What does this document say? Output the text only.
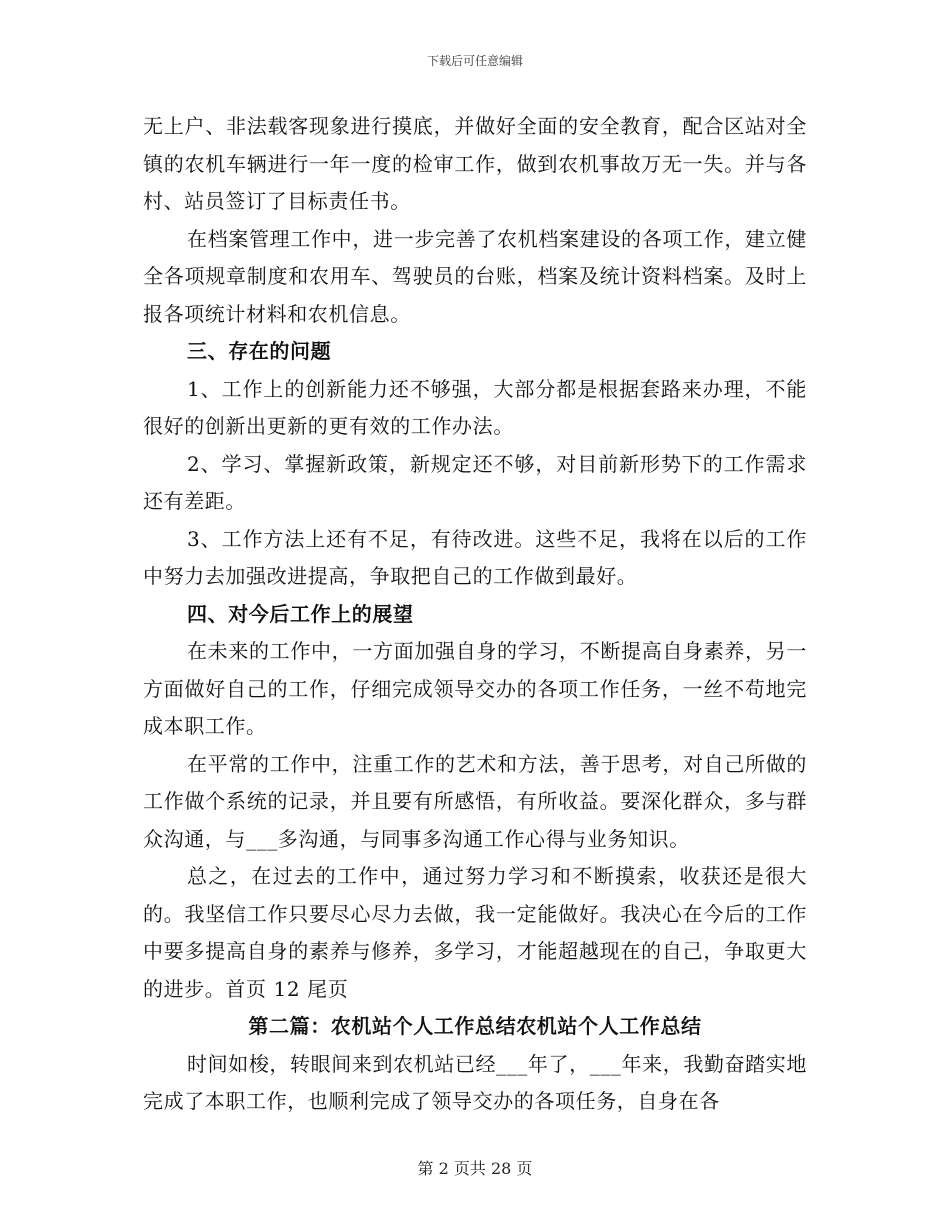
下载后可任意编辑

无上户、非法载客现象进行摸底，并做好全面的安全教育，配合区站对全镇的农机车辆进行一年一度的检审工作，做到农机事故万无一失。并与各村、站员签订了目标责任书。

在档案管理工作中，进一步完善了农机档案建设的各项工作，建立健全各项规章制度和农用车、驾驶员的台账，档案及统计资料档案。及时上报各项统计材料和农机信息。

三、存在的问题

1、工作上的创新能力还不够强，大部分都是根据套路来办理，不能很好的创新出更新的更有效的工作办法。

2、学习、掌握新政策，新规定还不够，对目前新形势下的工作需求还有差距。

3、工作方法上还有不足，有待改进。这些不足，我将在以后的工作中努力去加强改进提高，争取把自己的工作做到最好。

四、对今后工作上的展望

在未来的工作中，一方面加强自身的学习，不断提高自身素养，另一方面做好自己的工作，仔细完成领导交办的各项工作任务，一丝不苟地完成本职工作。

在平常的工作中，注重工作的艺术和方法，善于思考，对自己所做的工作做个系统的记录，并且要有所感悟，有所收益。要深化群众，多与群众沟通，与___多沟通，与同事多沟通工作心得与业务知识。

总之，在过去的工作中，通过努力学习和不断摸索，收获还是很大的。我坚信工作只要尽心尽力去做，我一定能做好。我决心在今后的工作中要多提高自身的素养与修养，多学习，才能超越现在的自己，争取更大的进步。首页 12 尾页

第二篇：农机站个人工作总结农机站个人工作总结

时间如梭，转眼间来到农机站已经___年了，___年来，我勤奋踏实地完成了本职工作，也顺利完成了领导交办的各项任务，自身在各

第 2 页共 28 页
